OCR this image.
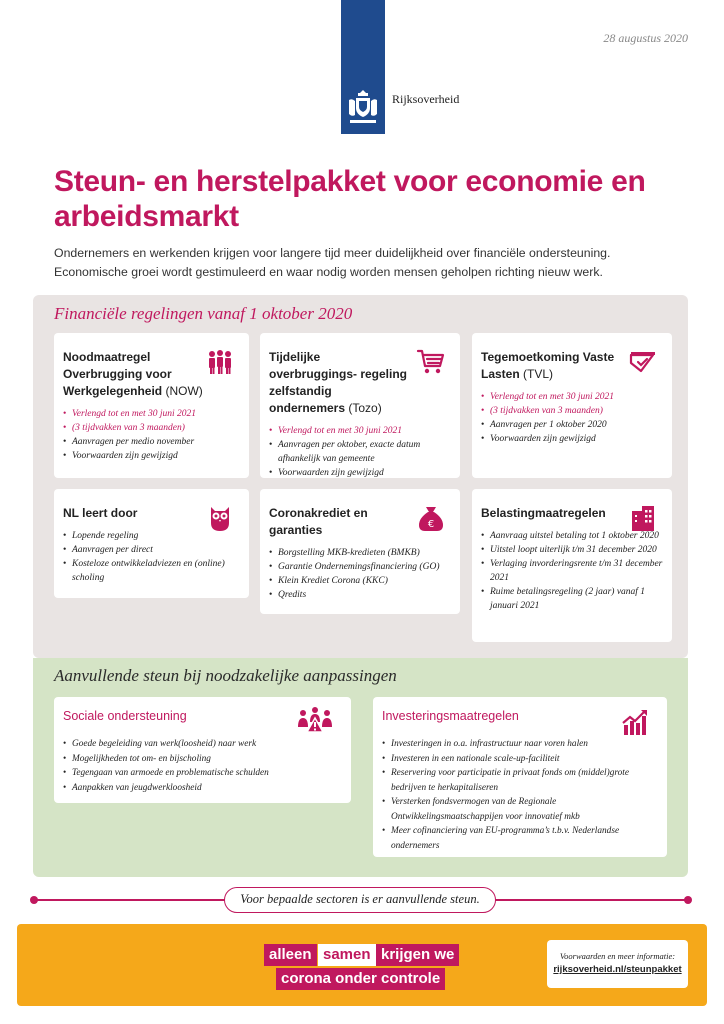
28 augustus 2020
Rijksoverheid
Steun- en herstelpakket voor economie en arbeidsmarkt
Ondernemers en werkenden krijgen voor langere tijd meer duidelijkheid over financiële ondersteuning.
Economische groei wordt gestimuleerd en waar nodig worden mensen geholpen richting nieuw werk.
Financiële regelingen vanaf 1 oktober 2020
Aanvullende steun bij noodzakelijke aanpassingen
Noodmaatregel Overbrugging voor Werkgelegenheid (NOW)
• Verlengd tot en met 30 juni 2021
• (3 tijdvakken van 3 maanden)
• Aanvragen per medio november
• Voorwaarden zijn gewijzigd
Tijdelijke overbruggings- regeling zelfstandig ondernemers (Tozo)
• Verlengd tot en met 30 juni 2021
• Aanvragen per oktober, exacte datum afhankelijk van gemeente
• Voorwaarden zijn gewijzigd
Tegemoetkoming Vaste Lasten (TVL)
• Verlengd tot en met 30 juni 2021
• (3 tijdvakken van 3 maanden)
• Aanvragen per 1 oktober 2020
• Voorwaarden zijn gewijzigd
NL leert door
• Lopende regeling
• Aanvragen per direct
• Kosteloze ontwikkeladviezen en (online) scholing
Coronakrediet en garanties
• Borgstelling MKB-kredieten (BMKB)
• Garantie Ondernemingsfinanciering (GO)
• Klein Krediet Corona (KKC)
• Qredits
€
Belastingmaatregelen
• Aanvraag uitstel betaling tot 1 oktober 2020
• Uitstel loopt uiterlijk t/m 31 december 2020
• Verlaging invorderingsrente t/m 31 december 2021
• Ruime betalingsregeling (2 jaar) vanaf 1 januari 2021
Sociale ondersteuning
• Goede begeleiding van werk(loosheid) naar werk
• Mogelijkheden tot om- en bijscholing
• Tegengaan van armoede en problematische schulden
• Aanpakken van jeugdwerkloosheid
Investeringsmaatregelen
• Investeringen in o.a. infrastructuur naar voren halen
• Investeren in een nationale scale-up-faciliteit
• Reservering voor participatie in privaat fonds om (middel)grote bedrijven te herkapitaliseren
• Versterken fondsvermogen van de Regionale Ontwikkelingsmaatschappijen voor innovatief mkb
• Meer cofinanciering van EU-programma’s t.b.v. Nederlandse ondernemers
Voor bepaalde sectoren is er aanvullende steun.
alleen samen krijgen we
corona onder controle
Voorwaarden en meer informatie:
rijksoverheid.nl/steunpakket
